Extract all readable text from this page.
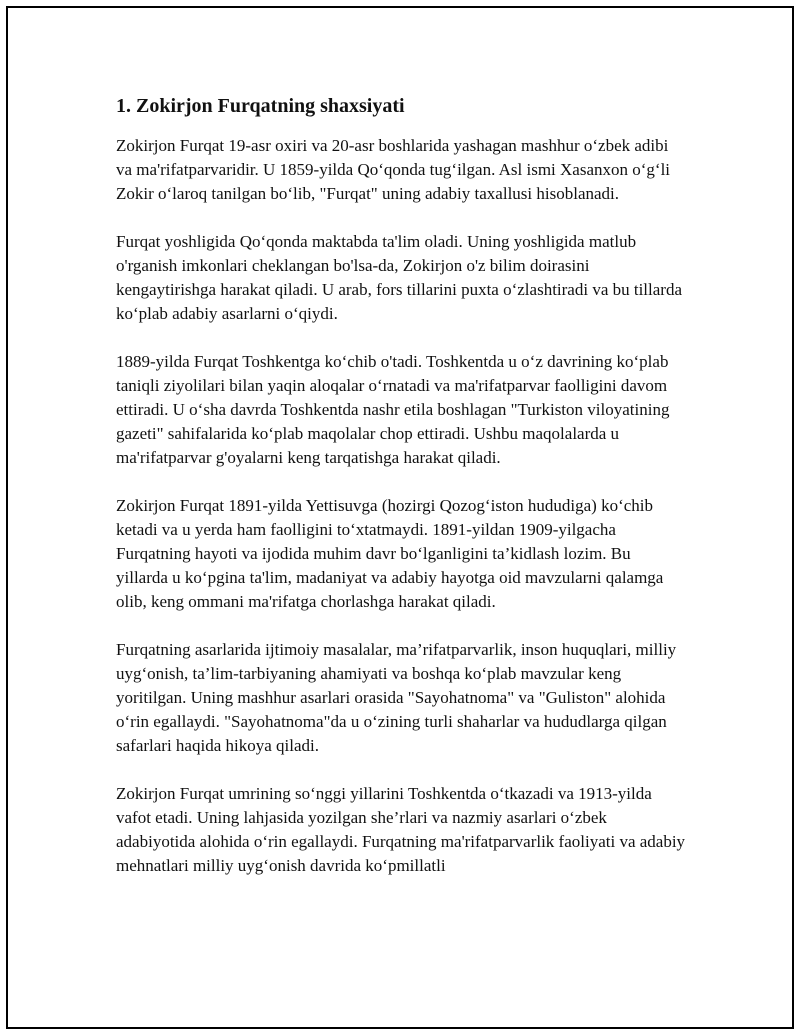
1. Zokirjon Furqatning shaxsiyati

Zokirjon Furqat 19-asr oxiri va 20-asr boshlarida yashagan mashhur o‘zbek adibi va ma'rifatparvaridir. U 1859-yilda Qo‘qonda tug‘ilgan. Asl ismi Xasanxon o‘g‘li Zokir o‘laroq tanilgan bo‘lib, "Furqat" uning adabiy taxallusi hisoblanadi.

Furqat yoshligida Qo‘qonda maktabda ta'lim oladi. Uning yoshligida matlub o'rganish imkonlari cheklangan bo'lsa-da, Zokirjon o'z bilim doirasini kengaytirishga harakat qiladi. U arab, fors tillarini puxta o‘zlashtiradi va bu tillarda ko‘plab adabiy asarlarni o‘qiydi.

1889-yilda Furqat Toshkentga ko‘chib o'tadi. Toshkentda u o‘z davrining ko‘plab taniqli ziyolilari bilan yaqin aloqalar o‘rnatadi va ma'rifatparvar faolligini davom ettiradi. U o‘sha davrda Toshkentda nashr etila boshlagan "Turkiston viloyatining gazeti" sahifalarida ko‘plab maqolalar chop ettiradi. Ushbu maqolalarda u ma'rifatparvar g'oyalarni keng tarqatishga harakat qiladi.

Zokirjon Furqat 1891-yilda Yettisuvga (hozirgi Qozog‘iston hududiga) ko‘chib ketadi va u yerda ham faolligini to‘xtatmaydi. 1891-yildan 1909-yilgacha Furqatning hayoti va ijodida muhim davr bo‘lganligini ta’kidlash lozim. Bu yillarda u ko‘pgina ta'lim, madaniyat va adabiy hayotga oid mavzularni qalamga olib, keng ommani ma'rifatga chorlashga harakat qiladi.

Furqatning asarlarida ijtimoiy masalalar, ma’rifatparvarlik, inson huquqlari, milliy uyg‘onish, ta’lim-tarbiyaning ahamiyati va boshqa ko‘plab mavzular keng yoritilgan. Uning mashhur asarlari orasida "Sayohatnoma" va "Guliston" alohida o‘rin egallaydi. "Sayohatnoma"da u o‘zining turli shaharlar va hududlarga qilgan safarlari haqida hikoya qiladi.

Zokirjon Furqat umrining so‘nggi yillarini Toshkentda o‘tkazadi va 1913-yilda vafot etadi. Uning lahjasida yozilgan she’rlari va nazmiy asarlari o‘zbek adabiyotida alohida o‘rin egallaydi. Furqatning ma'rifatparvarlik faoliyati va adabiy mehnatlari milliy uyg‘onish davrida ko‘pmillatli
